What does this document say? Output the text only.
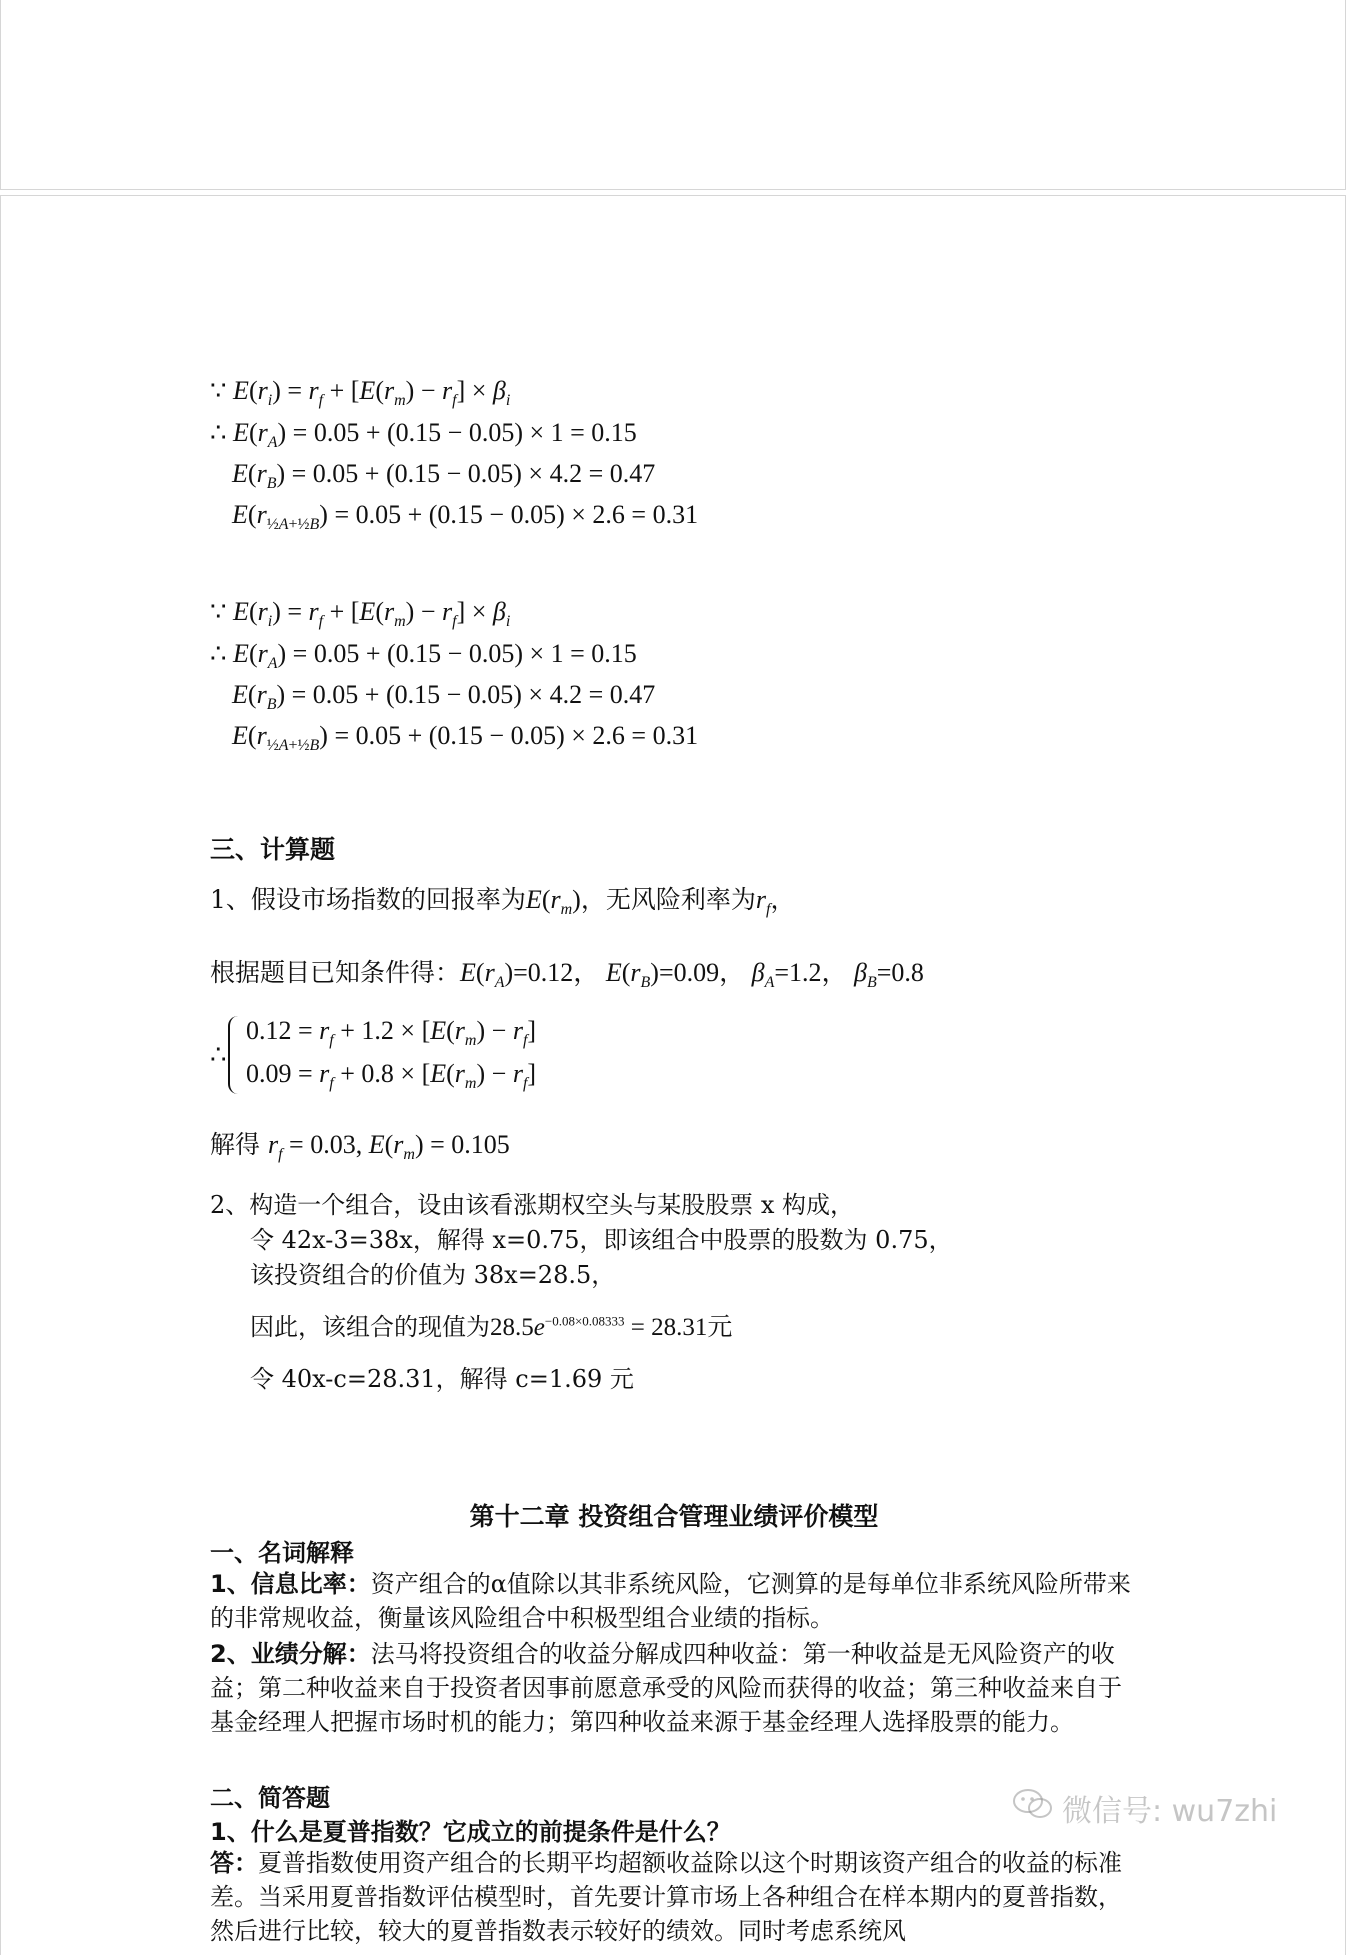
∵ $E(r_i) = r_f + [E(r_m) - r_f] \times \beta_i$
∴ $E(r_A) = 0.05 + (0.15 - 0.05) \times 1 = 0.15$
$E(r_B) = 0.05 + (0.15 - 0.05) \times 4.2 = 0.47$
$E(r_{\frac{1}{2}A+\frac{1}{2}B}) = 0.05 + (0.15 - 0.05) \times 2.6 = 0.31$
∵ $E(r_i) = r_f + [E(r_m) - r_f] \times \beta_i$
∴ $E(r_A) = 0.05 + (0.15 - 0.05) \times 1 = 0.15$
$E(r_B) = 0.05 + (0.15 - 0.05) \times 4.2 = 0.47$
$E(r_{\frac{1}{2}A+\frac{1}{2}B}) = 0.05 + (0.15 - 0.05) \times 2.6 = 0.31$
三、计算题
1、假设市场指数的回报率为$E(r_m)$，无风险利率为$r_f$，
根据题目已知条件得：$E(r_A)=0.12$， $E(r_B)=0.09$， $\beta_A=1.2$， $\beta_B=0.8$
∴
$0.12 = r_f + 1.2 \times [E(r_m) - r_f]$
$0.09 = r_f + 0.8 \times [E(r_m) - r_f]$
解得 $r_f = 0.03$, $E(r_m) = 0.105$
2、构造一个组合，设由该看涨期权空头与某股股票 x 构成，
令 42x-3=38x，解得 x=0.75，即该组合中股票的股数为 0.75，
该投资组合的价值为 38x=28.5，
因此，该组合的现值为$28.5e^{-0.08\times 0.08333} = 28.31$元
令 40x-c=28.31，解得 c=1.69 元
第十二章 投资组合管理业绩评价模型
一、名词解释
1、信息比率：资产组合的α值除以其非系统风险，它测算的是每单位非系统风险所带来的非常规收益，衡量该风险组合中积极型组合业绩的指标。
2、业绩分解：法马将投资组合的收益分解成四种收益：第一种收益是无风险资产的收益；第二种收益来自于投资者因事前愿意承受的风险而获得的收益；第三种收益来自于基金经理人把握市场时机的能力；第四种收益来源于基金经理人选择股票的能力。
二、简答题
1、什么是夏普指数？它成立的前提条件是什么？
答：夏普指数使用资产组合的长期平均超额收益除以这个时期该资产组合的收益的标准差。当采用夏普指数评估模型时，首先要计算市场上各种组合在样本期内的夏普指数，然后进行比较，较大的夏普指数表示较好的绩效。同时考虑系统风
微信号: wu7zhi
